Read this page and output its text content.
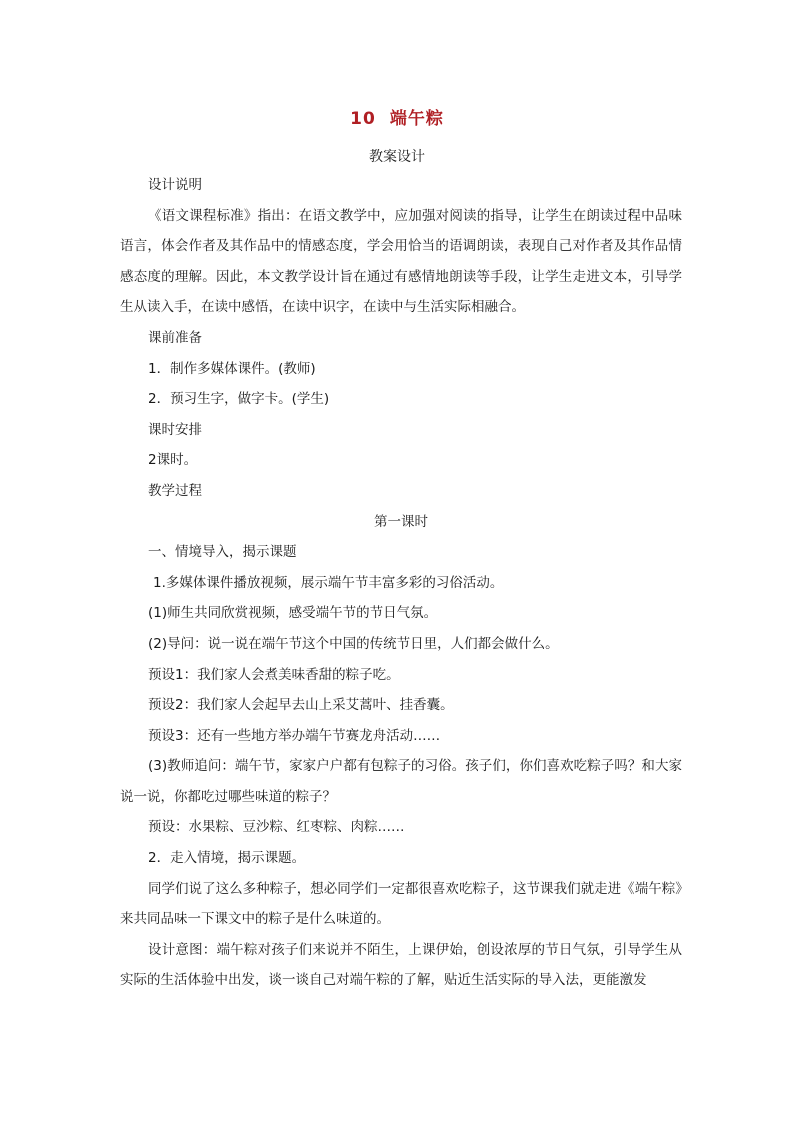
10 端午粽
教案设计

设计说明

《语文课程标准》指出：在语文教学中，应加强对阅读的指导，让学生在朗读过程中品味语言，体会作者及其作品中的情感态度，学会用恰当的语调朗读，表现自己对作者及其作品情感态度的理解。因此，本文教学设计旨在通过有感情地朗读等手段，让学生走进文本，引导学生从读入手，在读中感悟，在读中识字，在读中与生活实际相融合。

课前准备

1．制作多媒体课件。(教师)

2．预习生字，做字卡。(学生)

课时安排

2课时。

教学过程

第一课时

一、情境导入，揭示课题

1.多媒体课件播放视频，展示端午节丰富多彩的习俗活动。

(1)师生共同欣赏视频，感受端午节的节日气氛。

(2)导问：说一说在端午节这个中国的传统节日里，人们都会做什么。

预设1：我们家人会煮美味香甜的粽子吃。

预设2：我们家人会起早去山上采艾蒿叶、挂香囊。

预设3：还有一些地方举办端午节赛龙舟活动……

(3)教师追问：端午节，家家户户都有包粽子的习俗。孩子们，你们喜欢吃粽子吗？和大家说一说，你都吃过哪些味道的粽子？

预设：水果粽、豆沙粽、红枣粽、肉粽……

2．走入情境，揭示课题。

同学们说了这么多种粽子，想必同学们一定都很喜欢吃粽子，这节课我们就走进《端午粽》来共同品味一下课文中的粽子是什么味道的。

设计意图：端午粽对孩子们来说并不陌生，上课伊始，创设浓厚的节日气氛，引导学生从实际的生活体验中出发，谈一谈自己对端午粽的了解，贴近生活实际的导入法，更能激发
